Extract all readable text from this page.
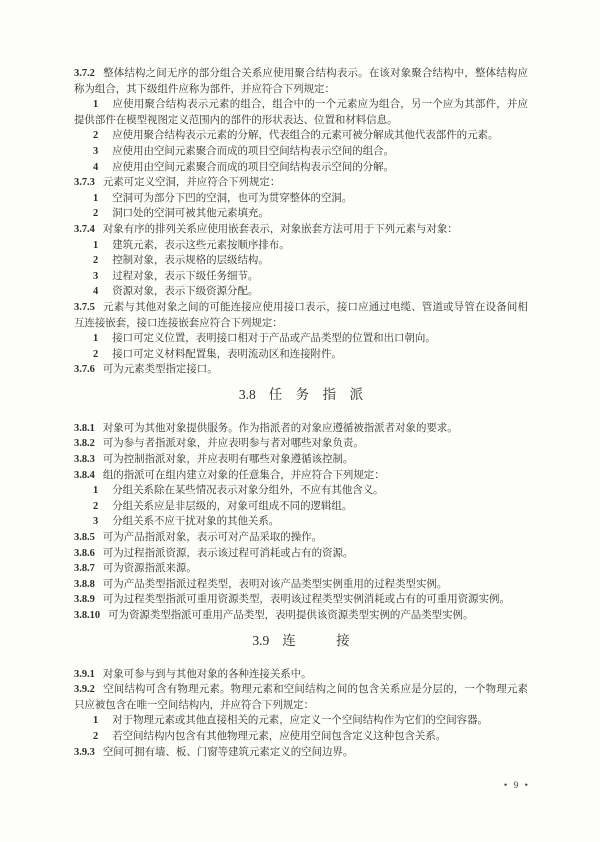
3.7.2 整体结构之间无序的部分组合关系应使用聚合结构表示。在该对象聚合结构中，整体结构应称为组合，其下级组件应称为部件，并应符合下列规定：

1 应使用聚合结构表示元素的组合，组合中的一个元素应为组合，另一个应为其部件，并应提供部件在模型视图定义范围内的部件的形状表达、位置和材料信息。

2 应使用聚合结构表示元素的分解，代表组合的元素可被分解成其他代表部件的元素。

3 应使用由空间元素聚合而成的项目空间结构表示空间的组合。

4 应使用由空间元素聚合而成的项目空间结构表示空间的分解。

3.7.3 元素可定义空洞，并应符合下列规定：

1 空洞可为部分下凹的空洞，也可为贯穿整体的空洞。

2 洞口处的空洞可被其他元素填充。

3.7.4 对象有序的排列关系应使用嵌套表示，对象嵌套方法可用于下列元素与对象：

1 建筑元素，表示这些元素按顺序排布。

2 控制对象，表示规格的层级结构。

3 过程对象，表示下级任务细节。

4 资源对象，表示下级资源分配。

3.7.5 元素与其他对象之间的可能连接应使用接口表示，接口应通过电缆、管道或导管在设备间相互连接嵌套，接口连接嵌套应符合下列规定：

1 接口可定义位置，表明接口相对于产品或产品类型的位置和出口朝向。

2 接口可定义材料配置集，表明流动区和连接附件。

3.7.6 可为元素类型指定接口。

3.8 任　务　指　派

3.8.1 对象可为其他对象提供服务。作为指派者的对象应遵循被指派者对象的要求。

3.8.2 可为参与者指派对象，并应表明参与者对哪些对象负责。

3.8.3 可为控制指派对象，并应表明有哪些对象遵循该控制。

3.8.4 组的指派可在组内建立对象的任意集合，并应符合下列规定：

1 分组关系除在某些情况表示对象分组外，不应有其他含义。

2 分组关系应是非层级的，对象可组成不同的逻辑组。

3 分组关系不应干扰对象的其他关系。

3.8.5 可为产品指派对象，表示可对产品采取的操作。

3.8.6 可为过程指派资源，表示该过程可消耗或占有的资源。

3.8.7 可为资源指派来源。

3.8.8 可为产品类型指派过程类型，表明对该产品类型实例重用的过程类型实例。

3.8.9 可为过程类型指派可重用资源类型，表明该过程类型实例消耗或占有的可重用资源实例。

3.8.10 可为资源类型指派可重用产品类型，表明提供该资源类型实例的产品类型实例。

3.9 连　　　接

3.9.1 对象可参与到与其他对象的各种连接关系中。

3.9.2 空间结构可含有物理元素。物理元素和空间结构之间的包含关系应是分层的，一个物理元素只应被包含在唯一空间结构内，并应符合下列规定：

1 对于物理元素或其他直接相关的元素，应定义一个空间结构作为它们的空间容器。

2 若空间结构内包含有其他物理元素，应使用空间包含定义这种包含关系。

3.9.3 空间可拥有墙、板、门窗等建筑元素定义的空间边界。

• 9 •
